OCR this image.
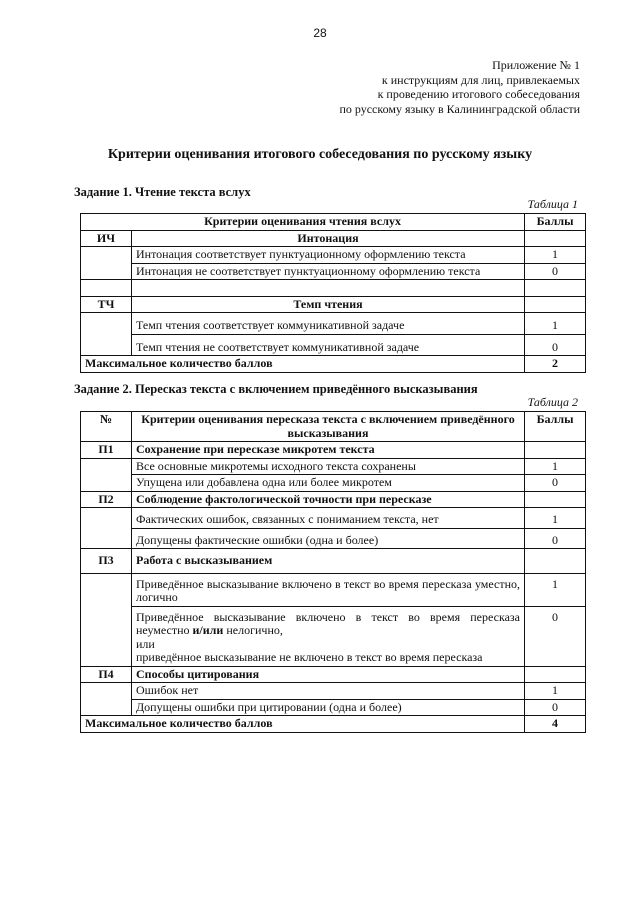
28
Приложение № 1
к инструкциям для лиц, привлекаемых
к проведению итогового собеседования
по русскому языку в Калининградской области
Критерии оценивания итогового собеседования по русскому языку
Задание 1. Чтение текста вслух
Таблица 1
Критерии оценивания чтения вслух		Баллы
ИЧ	Интонация	
	Интонация соответствует пунктуационному оформлению текста	1
	Интонация не соответствует пунктуационному оформлению текста	0

ТЧ	Темп чтения	
	Темп чтения соответствует коммуникативной задаче	1
	Темп чтения не соответствует коммуникативной задаче	0
Максимальное количество баллов		2
Задание 2. Пересказ текста с включением приведённого высказывания
Таблица 2
№	Критерии оценивания пересказа текста с включением приведённого высказывания	Баллы
П1	Сохранение при пересказе микротем текста	
	Все основные микротемы исходного текста сохранены	1
	Упущена или добавлена одна или более микротем	0
П2	Соблюдение фактологической точности при пересказе	
	Фактических ошибок, связанных с пониманием текста, нет	1
	Допущены фактические ошибки (одна и более)	0
П3	Работа с высказыванием	
	Приведённое высказывание включено в текст во время пересказа уместно, логично	1
	Приведённое высказывание включено в текст во время пересказа неуместно и/или нелогично,
или
приведённое высказывание не включено в текст во время пересказа	0
П4	Способы цитирования	
	Ошибок нет	1
	Допущены ошибки при цитировании (одна и более)	0
Максимальное количество баллов		4
